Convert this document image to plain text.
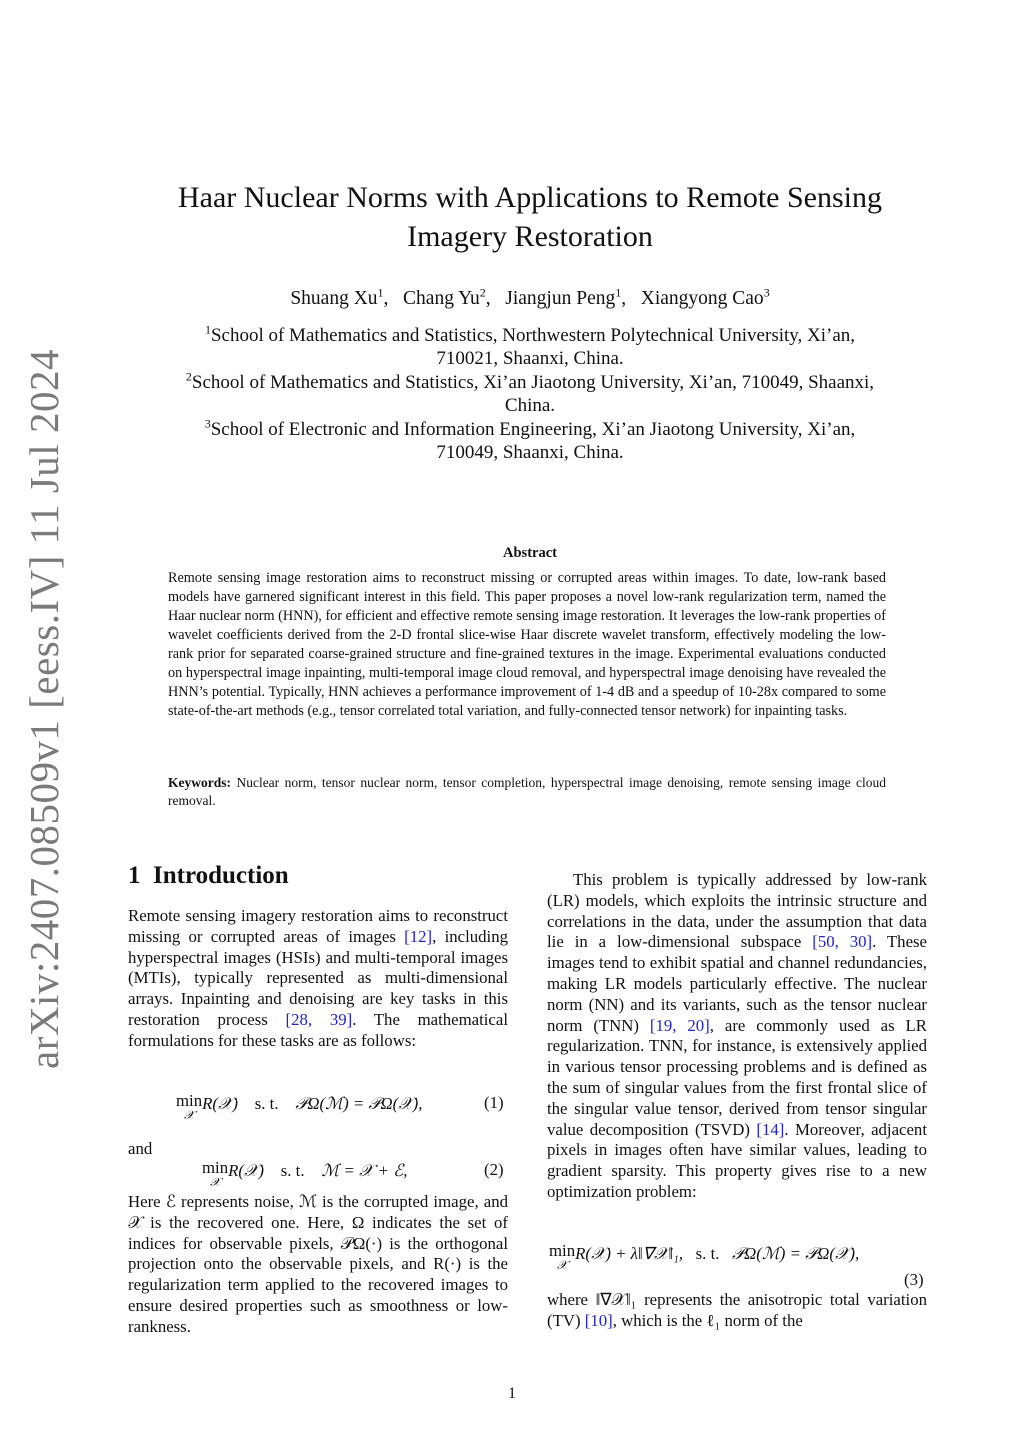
arXiv:2407.08509v1 [eess.IV] 11 Jul 2024
Haar Nuclear Norms with Applications to Remote Sensing
Imagery Restoration
Shuang Xu$^1$, Chang Yu$^2$, Jiangjun Peng$^1$, Xiangyong Cao$^3$
$^1$School of Mathematics and Statistics, Northwestern Polytechnical University, Xi’an,
710021, Shaanxi, China.
$^2$School of Mathematics and Statistics, Xi’an Jiaotong University, Xi’an, 710049, Shaanxi,
China.
$^3$School of Electronic and Information Engineering, Xi’an Jiaotong University, Xi’an,
710049, Shaanxi, China.
Abstract
Remote sensing image restoration aims to reconstruct missing or corrupted areas within images. To date, low-rank based models have garnered significant interest in this field. This paper proposes a novel low-rank regularization term, named the Haar nuclear norm (HNN), for efficient and effective remote sensing image restoration. It leverages the low-rank properties of wavelet coefficients derived from the 2-D frontal slice-wise Haar discrete wavelet transform, effectively modeling the low-rank prior for separated coarse-grained structure and fine-grained textures in the image. Experimental evaluations conducted on hyperspectral image inpainting, multi-temporal image cloud removal, and hyperspectral image denoising have revealed the HNN’s potential. Typically, HNN achieves a performance improvement of 1-4 dB and a speedup of 10-28x compared to some state-of-the-art methods (e.g., tensor correlated total variation, and fully-connected tensor network) for inpainting tasks.
Keywords: Nuclear norm, tensor nuclear norm, tensor completion, hyperspectral image denoising, remote sensing image cloud removal.
1 Introduction
Remote sensing imagery restoration aims to reconstruct missing or corrupted areas of images [12], including hyperspectral images (HSIs) and multi-temporal images (MTIs), typically represented as multi-dimensional arrays. Inpainting and denoising are key tasks in this restoration process [28, 39]. The mathematical formulations for these tasks are as follows:
min
𝒳
R(𝒳) s. t. 𝒫Ω(ℳ) = 𝒫Ω(𝒳),	(1)
and
min
𝒳
R(𝒳) s. t. ℳ = 𝒳 + ℰ,	(2)
Here ℰ represents noise, ℳ is the corrupted image, and 𝒳 is the recovered one. Here, Ω indicates the set of indices for observable pixels, 𝒫Ω(·) is the orthogonal projection onto the observable pixels, and R(·) is the regularization term applied to the recovered images to ensure desired properties such as smoothness or low-rankness.
This problem is typically addressed by low-rank (LR) models, which exploits the intrinsic structure and correlations in the data, under the assumption that data lie in a low-dimensional subspace [50, 30]. These images tend to exhibit spatial and channel redundancies, making LR models particularly effective. The nuclear norm (NN) and its variants, such as the tensor nuclear norm (TNN) [19, 20], are commonly used as LR regularization. TNN, for instance, is extensively applied in various tensor processing problems and is defined as the sum of singular values from the first frontal slice of the singular value tensor, derived from tensor singular value decomposition (TSVD) [14]. Moreover, adjacent pixels in images often have similar values, leading to gradient sparsity. This property gives rise to a new optimization problem:
min
𝒳
R(𝒳) + λ‖∇𝒳‖₁, s. t. 𝒫Ω(ℳ) = 𝒫Ω(𝒳),
(3)
where ‖∇𝒳‖₁ represents the anisotropic total variation (TV) [10], which is the ℓ₁ norm of the
1
